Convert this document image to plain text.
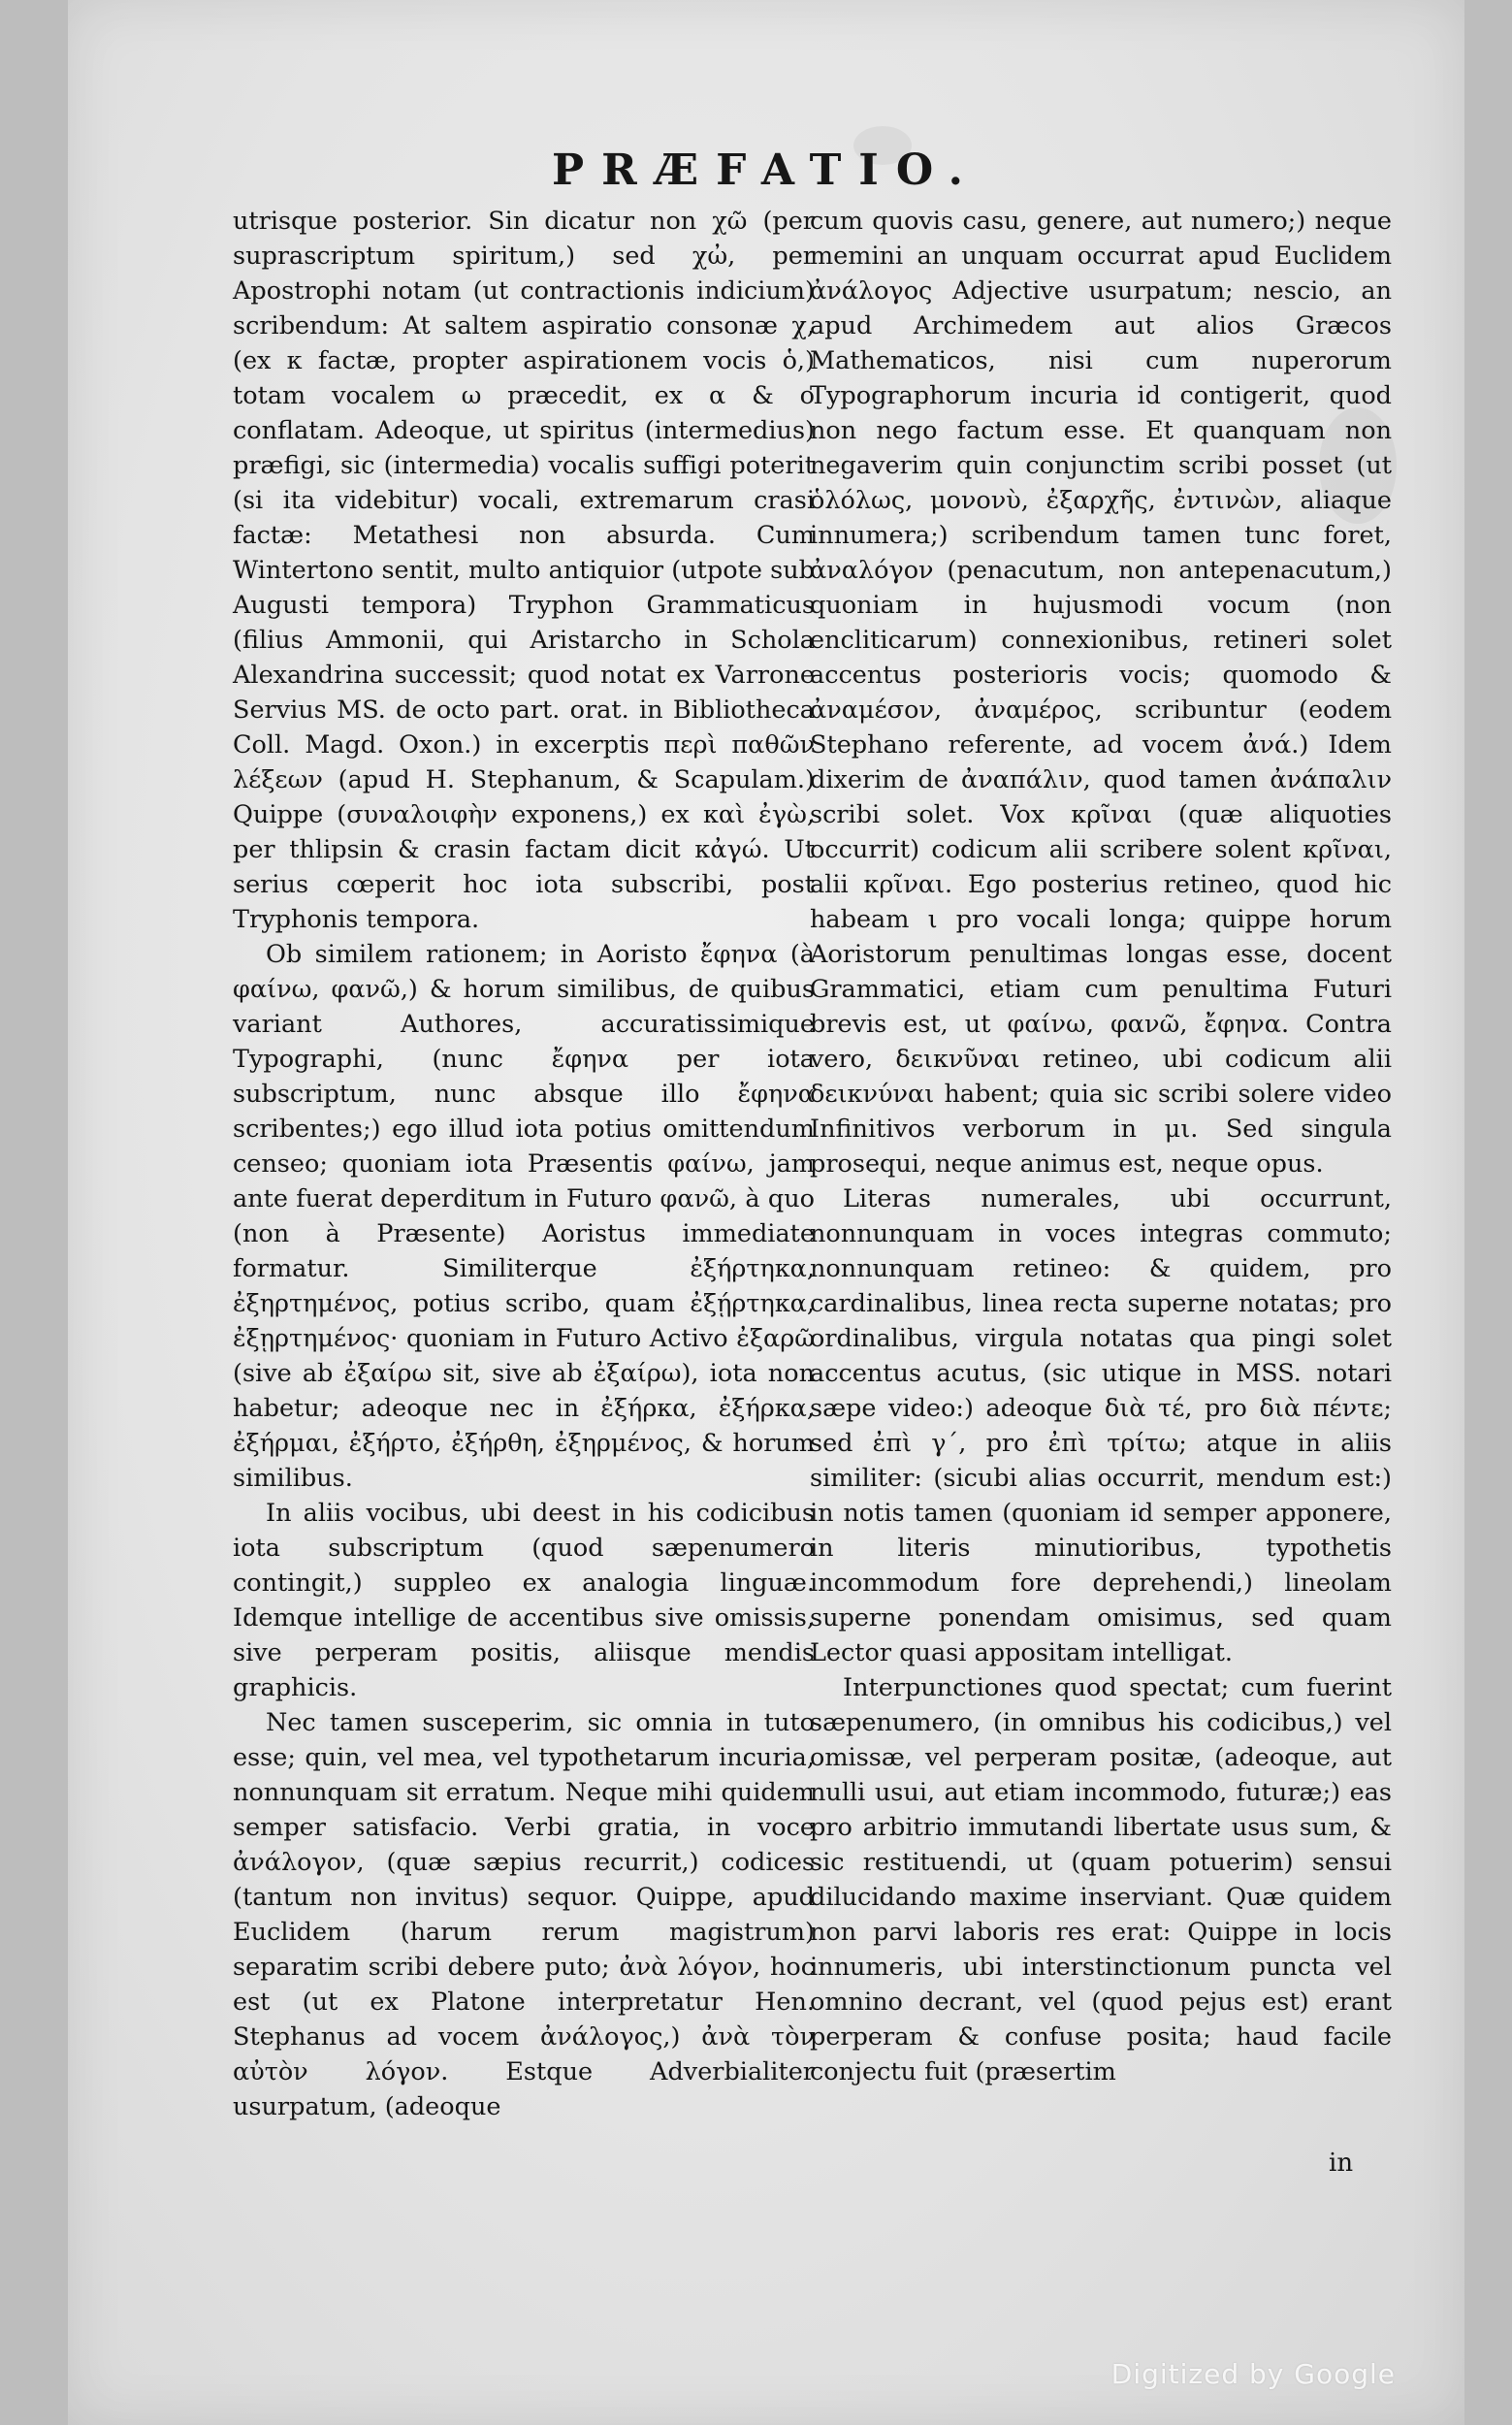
PRÆFATIO.

utrisque posterior. Sin dicatur non χῶ (per suprascriptum spiritum,) sed χὠ, per Apostrophi notam (ut contractionis indicium) scribendum: At saltem aspiratio consonæ χ, (ex κ factæ, propter aspirationem vocis ὁ,) totam vocalem ω præcedit, ex α & ο conflatam. Adeoque, ut spiritus (intermedius) præfigi, sic (intermedia) vocalis suffigi poterit (si ita videbitur) vocali, extremarum crasi factæ: Metathesi non absurda. Cum Wintertono sentit, multo antiquior (utpote sub Augusti tempora) Tryphon Grammaticus (filius Ammonii, qui Aristarcho in Schola Alexandrina successit; quod notat ex Varrone Servius MS. de octo part. orat. in Bibliotheca Coll. Magd. Oxon.) in excerptis περὶ παθῶν λέξεων (apud H. Stephanum, & Scapulam.) Quippe (συναλοιφὴν exponens,) ex καὶ ἐγὼ, per thlipsin & crasin factam dicit κἀγώ. Ut serius cœperit hoc iota subscribi, post Tryphonis tempora.

Ob similem rationem; in Aoristo ἔφηνα (à φαίνω, φανῶ,) & horum similibus, de quibus variant Authores, accuratissimique Typographi, (nunc ἔφηνα per iota subscriptum, nunc absque illo ἔφηνα scribentes;) ego illud iota potius omittendum censeo; quoniam iota Præsentis φαίνω, jam ante fuerat deperditum in Futuro φανῶ, à quo (non à Præsente) Aoristus immediate formatur. Similiterque ἐξήρτηκα, ἐξηρτημένος, potius scribo, quam ἐξῄρτηκα, ἐξῃρτημένος· quoniam in Futuro Activo ἐξαρῶ (sive ab ἐξαίρω sit, sive ab ἐξαίρω), iota non habetur; adeoque nec in ἐξήρκα, ἐξήρκα, ἐξήρμαι, ἐξήρτο, ἐξήρθη, ἐξηρμένος, & horum similibus.

In aliis vocibus, ubi deest in his codicibus iota subscriptum (quod sæpenumero contingit,) suppleo ex analogia linguæ. Idemque intellige de accentibus sive omissis, sive perperam positis, aliisque mendis graphicis.

Nec tamen susceperim, sic omnia in tuto esse; quin, vel mea, vel typothetarum incuria, nonnunquam sit erratum. Neque mihi quidem semper satisfacio. Verbi gratia, in voce ἀνάλογον, (quæ sæpius recurrit,) codices (tantum non invitus) sequor. Quippe, apud Euclidem (harum rerum magistrum) separatim scribi debere puto; ἀνὰ λόγον, hoc est (ut ex Platone interpretatur Hen. Stephanus ad vocem ἀνάλογος,) ἀνὰ τὸν αὐτὸν λόγον. Estque Adverbialiter usurpatum, (adeoque

cum quovis casu, genere, aut numero;) neque memini an unquam occurrat apud Euclidem ἀνάλογος Adjective usurpatum; nescio, an apud Archimedem aut alios Græcos Mathematicos, nisi cum nuperorum Typographorum incuria id contigerit, quod non nego factum esse. Et quanquam non negaverim quin conjunctim scribi posset (ut ὁλόλως, μονονὺ, ἐξαρχῆς, ἐντινὼν, aliaque innumera;) scribendum tamen tunc foret, ἀναλόγον (penacutum, non antepenacutum,) quoniam in hujusmodi vocum (non encliticarum) connexionibus, retineri solet accentus posterioris vocis; quomodo & ἀναμέσον, ἀναμέρος, scribuntur (eodem Stephano referente, ad vocem ἀνά.) Idem dixerim de ἀναπάλιν, quod tamen ἀνάπαλιν scribi solet. Vox κρῖναι (quæ aliquoties occurrit) codicum alii scribere solent κρῖναι, alii κρῖναι. Ego posterius retineo, quod hic habeam ι pro vocali longa; quippe horum Aoristorum penultimas longas esse, docent Grammatici, etiam cum penultima Futuri brevis est, ut φαίνω, φανῶ, ἔφηνα. Contra vero, δεικνῦναι retineo, ubi codicum alii δεικνύναι habent; quia sic scribi solere video Infinitivos verborum in μι. Sed singula prosequi, neque animus est, neque opus.

Literas numerales, ubi occurrunt, nonnunquam in voces integras commuto; nonnunquam retineo: & quidem, pro cardinalibus, linea recta superne notatas; pro ordinalibus, virgula notatas qua pingi solet accentus acutus, (sic utique in MSS. notari sæpe video:) adeoque διὰ τέ, pro διὰ πέντε; sed ἐπὶ γ΄, pro ἐπὶ τρίτω; atque in aliis similiter: (sicubi alias occurrit, mendum est:) in notis tamen (quoniam id semper apponere, in literis minutioribus, typothetis incommodum fore deprehendi,) lineolam superne ponendam omisimus, sed quam Lector quasi appositam intelligat.

Interpunctiones quod spectat; cum fuerint sæpenumero, (in omnibus his codicibus,) vel omissæ, vel perperam positæ, (adeoque, aut nulli usui, aut etiam incommodo, futuræ;) eas pro arbitrio immutandi libertate usus sum, & sic restituendi, ut (quam potuerim) sensui dilucidando maxime inserviant. Quæ quidem non parvi laboris res erat: Quippe in locis innumeris, ubi interstinctionum puncta vel omnino decrant, vel (quod pejus est) erant perperam & confuse posita; haud facile conjectu fuit (præsertim

in
Digitized by Google
